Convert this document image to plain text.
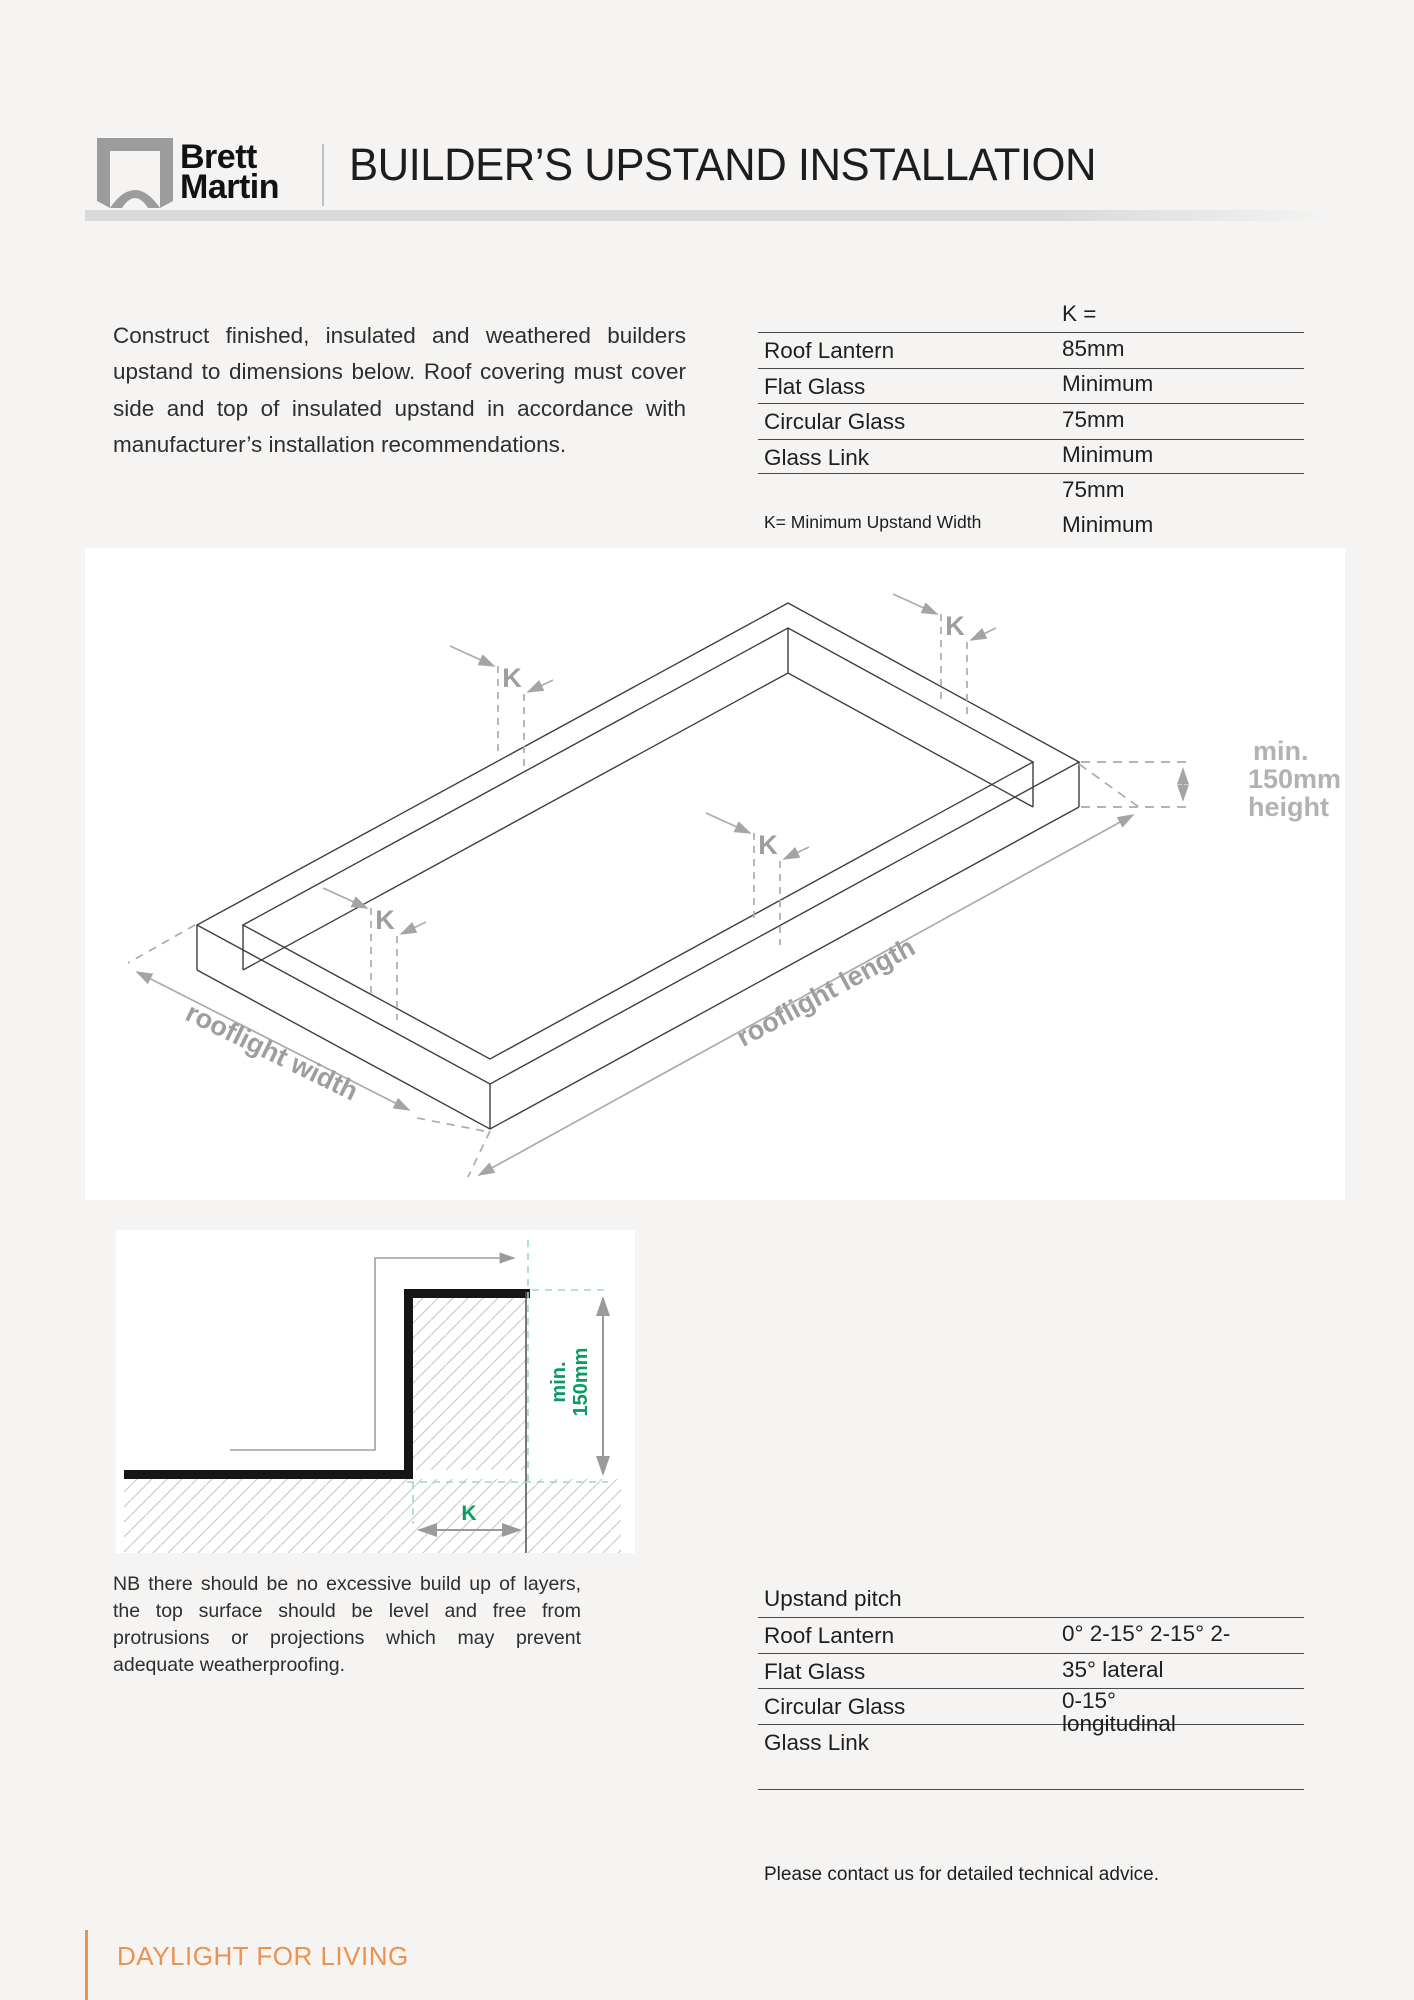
Brett
Martin BUILDER’S UPSTAND INSTALLATION
Construct finished, insulated and weathered builders upstand to dimensions below. Roof covering must cover side and top of insulated upstand in accordance with manufacturer’s installation recommendations.
Roof Lantern
Flat Glass
Circular Glass
Glass Link
K =
85mm
Minimum
75mm
Minimum
75mm
Minimum
75mm
Minimum
K= Minimum Upstand Width
K
K
K
K
rooflight width	rooflight length
min.
150mm
height
min. 150mm
K
NB there should be no excessive build up of layers, the top surface should be level and free from protrusions or projections which may prevent adequate weatherproofing.
Upstand pitch
Roof Lantern
Flat Glass
Circular Glass
Glass Link
0° 2-15° 2-15° 2-
35° lateral
0-15°
longitudinal
Please contact us for detailed technical advice.
DAYLIGHT FOR LIVING
